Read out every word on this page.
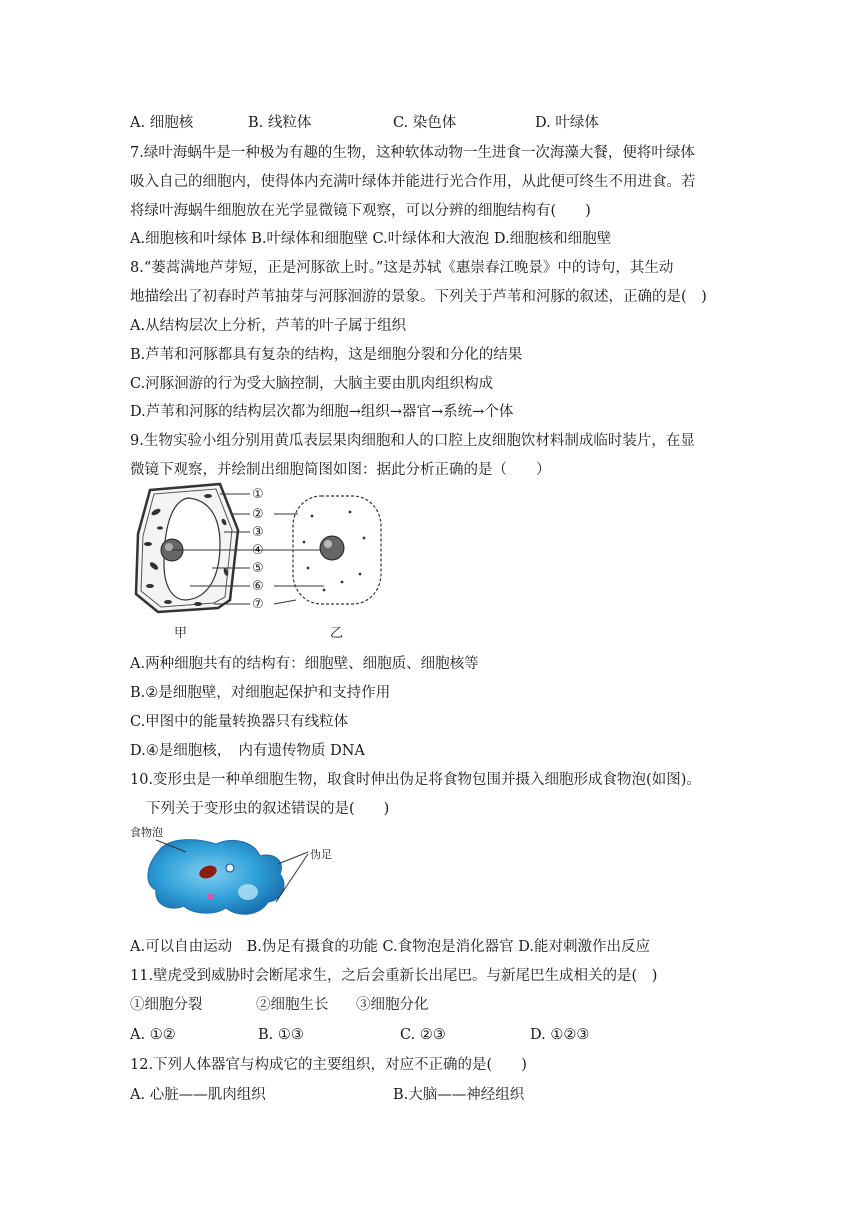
A. 细胞核	B. 线粒体	C. 染色体	D. 叶绿体
7.绿叶海蜗牛是一种极为有趣的生物，这种软体动物一生进食一次海藻大餐，便将叶绿体
吸入自己的细胞内，使得体内充满叶绿体并能进行光合作用，从此便可终生不用进食。若
将绿叶海蜗牛细胞放在光学显微镜下观察，可以分辨的细胞结构有(　　)
A.细胞核和叶绿体 B.叶绿体和细胞壁 C.叶绿体和大液泡 D.细胞核和细胞壁
8.“蒌蒿满地芦芽短，正是河豚欲上时。”这是苏轼《惠崇春江晚景》中的诗句，其生动
地描绘出了初春时芦苇抽芽与河豚洄游的景象。下列关于芦苇和河豚的叙述，正确的是(　)
A.从结构层次上分析，芦苇的叶子属于组织
B.芦苇和河豚都具有复杂的结构，这是细胞分裂和分化的结果
C.河豚洄游的行为受大脑控制，大脑主要由肌肉组织构成
D.芦苇和河豚的结构层次都为细胞→组织→器官→系统→个体
9.生物实验小组分别用黄瓜表层果肉细胞和人的口腔上皮细胞饮材料制成临时装片，在显
微镜下观察，并绘制出细胞简图如图：据此分析正确的是（　　）
①
②
③
④
⑤
⑥
⑦
甲	乙
A.两种细胞共有的结构有：细胞壁、细胞质、细胞核等
B.②是细胞壁，对细胞起保护和支持作用
C.甲图中的能量转换器只有线粒体
D.④是细胞核，　内有遗传物质 DNA
10.变形虫是一种单细胞生物，取食时伸出伪足将食物包围并摄入细胞形成食物泡(如图)。
下列关于变形虫的叙述错误的是(　　)
食物泡
伪足
A.可以自由运动　B.伪足有摄食的功能 C.食物泡是消化器官 D.能对刺激作出反应
11.壁虎受到威胁时会断尾求生，之后会重新长出尾巴。与新尾巴生成相关的是(　)
①细胞分裂	②细胞生长 ③细胞分化
A. ①②	B. ①③	C. ②③	D. ①②③
12.下列人体器官与构成它的主要组织，对应不正确的是(　　)
A. 心脏——肌肉组织	B.大脑——神经组织
